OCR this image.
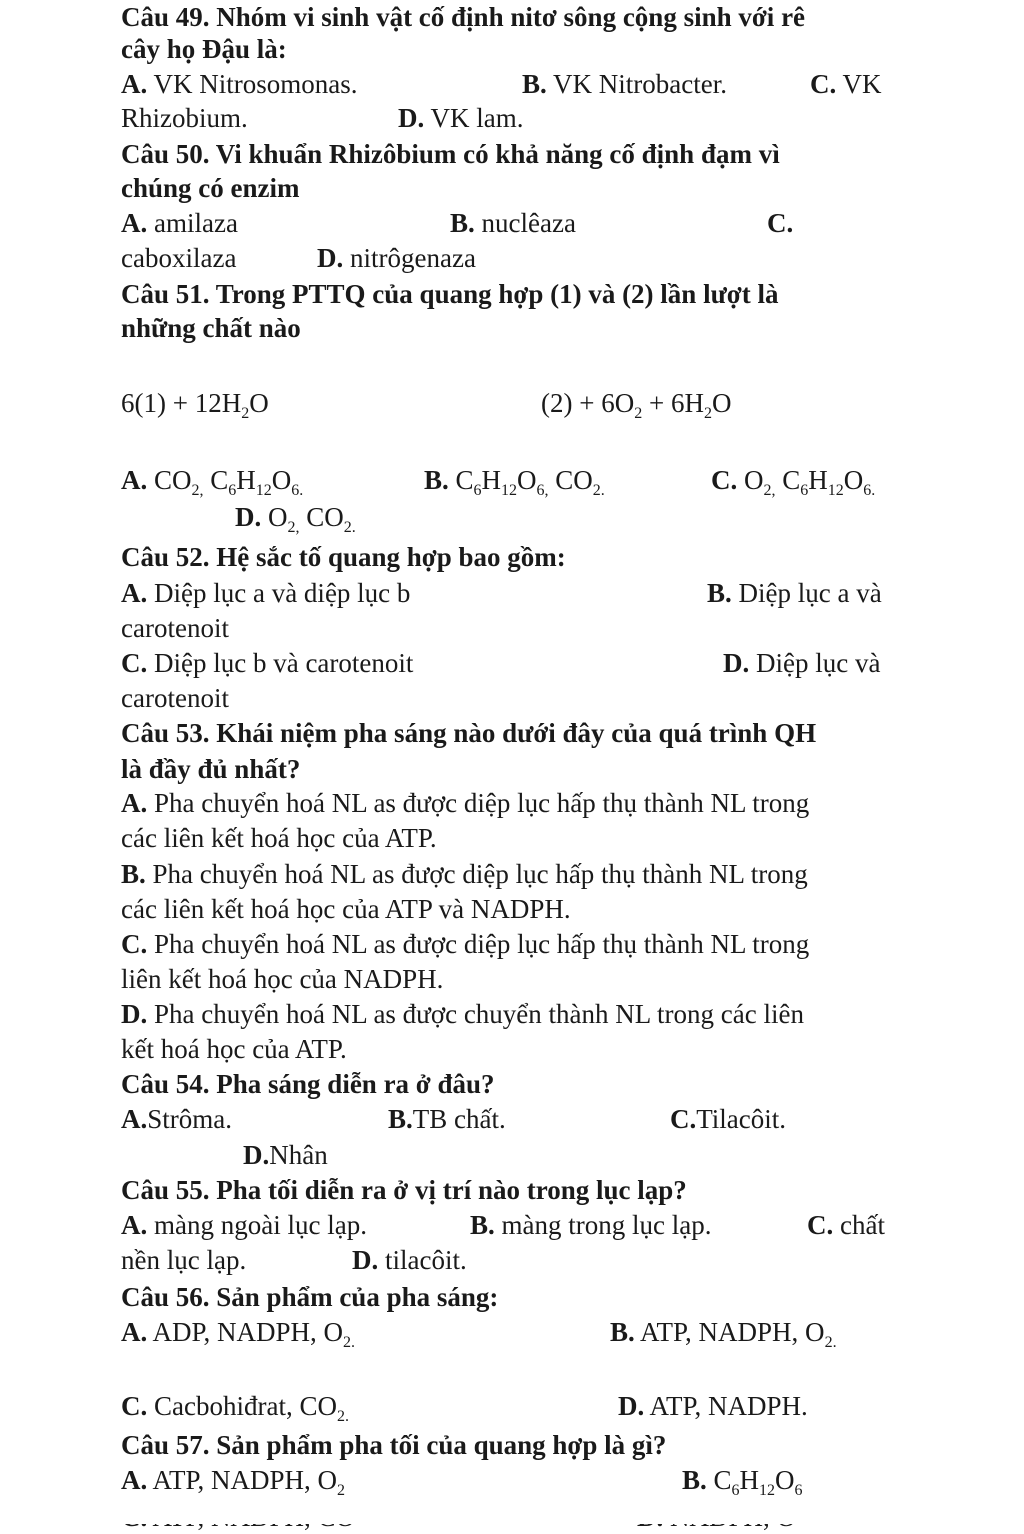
Câu 49. Nhóm vi sinh vật cố định nitơ sông cộng sinh với rê
cây họ Đậu là:
A. VK Nitrosomonas.	B. VK Nitrobacter.	C. VK
Rhizobium.	D. VK lam.
Câu 50. Vi khuẩn Rhizôbium có khả năng cố định đạm vì
chúng có enzim
A. amilaza	B. nuclêaza	C.
caboxilaza	D. nitrôgenaza
Câu 51. Trong PTTQ của quang hợp (1) và (2) lần lượt là
những chất nào
$6(1) + 12H_2O$	$(2) + 6O_2 + 6H_2O$
A. $CO_{2,}$ $C_6H_{12}O_{6.}$	B. $C_6H_{12}O_{6,}$ $CO_{2.}$	C. $O_{2,}$ $C_6H_{12}O_{6.}$
D. $O_{2,}$ $CO_{2.}$
Câu 52. Hệ sắc tố quang hợp bao gồm:
A. Diệp lục a và diệp lục b	B. Diệp lục a và
carotenoit
C. Diệp lục b và carotenoit	D. Diệp lục và
carotenoit
Câu 53. Khái niệm pha sáng nào dưới đây của quá trình QH
là đầy đủ nhất?
A. Pha chuyển hoá NL as được diệp lục hấp thụ thành NL trong
các liên kết hoá học của ATP.
B. Pha chuyển hoá NL as được diệp lục hấp thụ thành NL trong
các liên kết hoá học của ATP và NADPH.
C. Pha chuyển hoá NL as được diệp lục hấp thụ thành NL trong
liên kết hoá học của NADPH.
D. Pha chuyển hoá NL as được chuyển thành NL trong các liên
kết hoá học của ATP.
Câu 54. Pha sáng diễn ra ở đâu?
A.Strôma.	B.TB chất.	C.Tilacôit.
D.Nhân
Câu 55. Pha tối diễn ra ở vị trí nào trong lục lạp?
A. màng ngoài lục lạp.	B. màng trong lục lạp.	C. chất
nền lục lạp.	D. tilacôit.
Câu 56. Sản phẩm của pha sáng:
A. ADP, NADPH, $O_{2.}$	B. ATP, NADPH, $O_{2.}$
C. Cacbohiđrat, $CO_{2.}$	D. ATP, NADPH.
Câu 57. Sản phẩm pha tối của quang hợp là gì?
A. ATP, NADPH, $O_2$	B. $C_6H_{12}O_6$
